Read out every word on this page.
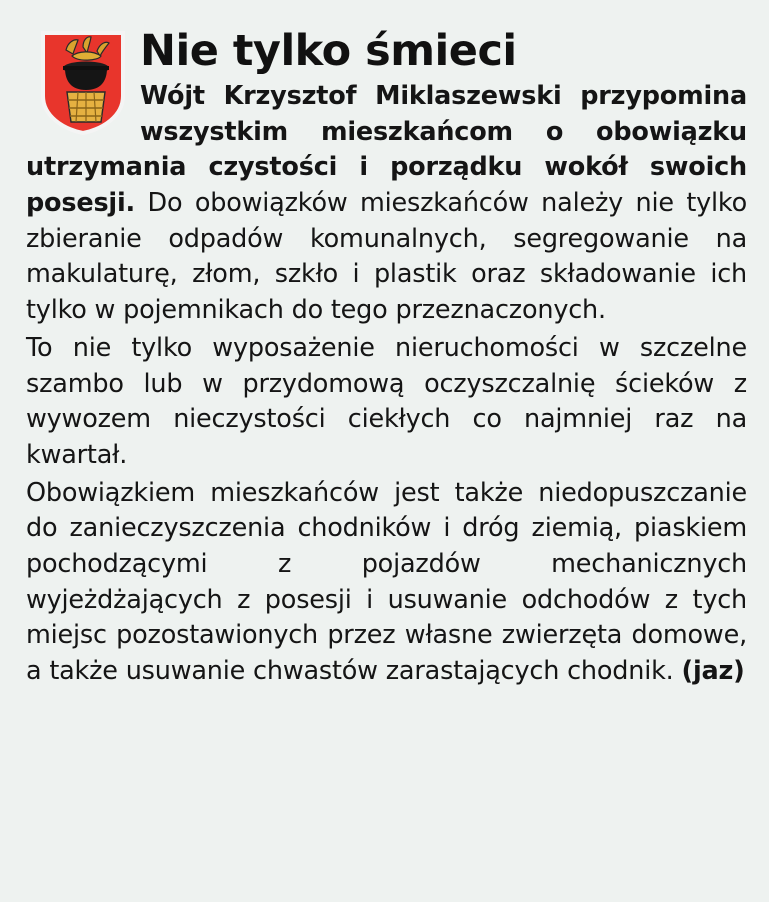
Nie tylko śmieci

Wójt Krzysztof Miklaszewski przypomina wszystkim mieszkańcom o obowiązku utrzymania czystości i porządku wokół swoich posesji. Do obowiązków mieszkańców należy nie tylko zbieranie odpadów komunalnych, segregowanie na makulaturę, złom, szkło i plastik oraz składowanie ich tylko w pojemnikach do tego przeznaczonych.

To nie tylko wyposażenie nieruchomości w szczelne szambo lub w przydomową oczyszczalnię ścieków z wywozem nieczystości ciekłych co najmniej raz na kwartał.

Obowiązkiem mieszkańców jest także niedopuszczanie do zanieczyszczenia chodników i dróg ziemią, piaskiem pochodzącymi z pojazdów mechanicznych wyjeżdżających z posesji i usuwanie odchodów z tych miejsc pozostawionych przez własne zwierzęta domowe, a także usuwanie chwastów zarastających chodnik. (jaz)
